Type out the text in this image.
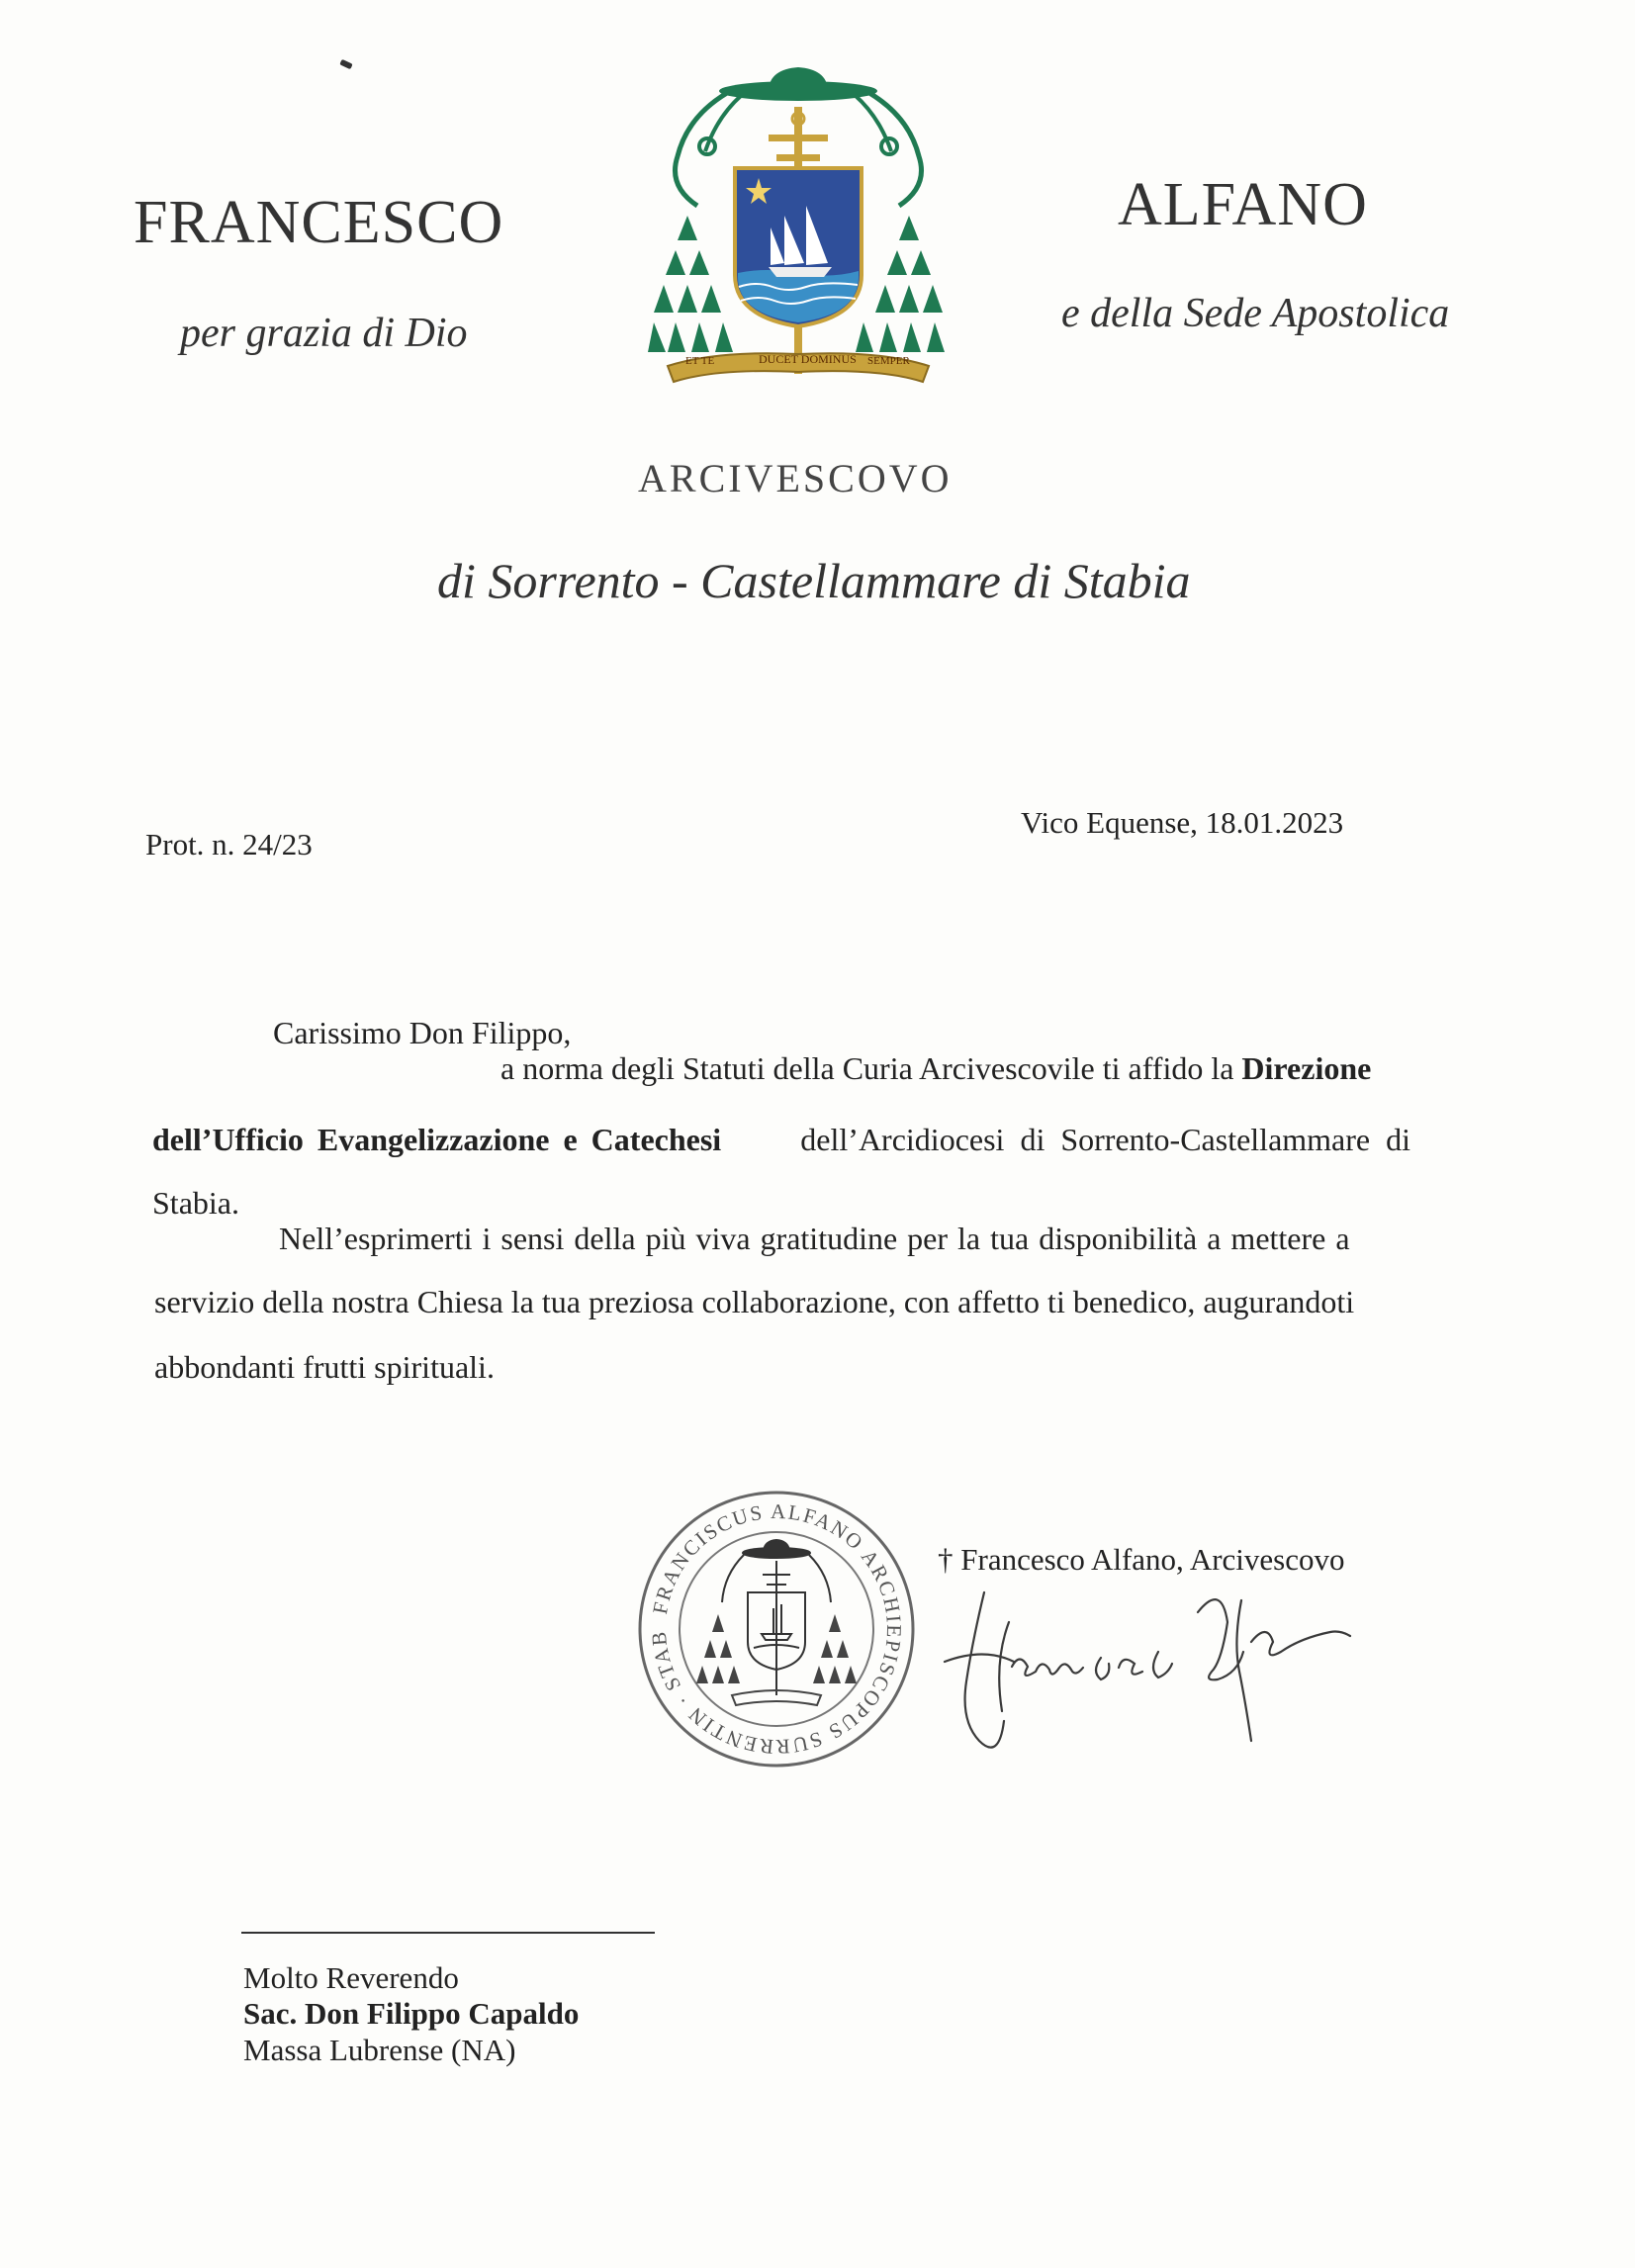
FRANCESCO	ALFANO
per grazia di Dio	e della Sede Apostolica
ET TE	DUCET DOMINUS SEMPER
ARCIVESCOVO
di Sorrento - Castellammare di Stabia
Prot. n. 24/23
Vico Equense, 18.01.2023
Carissimo Don Filippo,
a norma degli Statuti della Curia Arcivescovile ti affido la Direzione
dell’Ufficio Evangelizzazione e Catechesi	dell’Arcidiocesi di Sorrento-Castellammare di
Stabia.
Nell’esprimerti i sensi della più viva gratitudine per la tua disponibilità a mettere a
servizio della nostra Chiesa la tua preziosa collaborazione, con affetto ti benedico, augurandoti
abbondanti frutti spirituali.
FRANCISCUS ALFANO ARCHIEPISCOPUS SURRENTIN · STAB
† Francesco Alfano, Arcivescovo
Molto Reverendo
Sac. Don Filippo Capaldo
Massa Lubrense (NA)
